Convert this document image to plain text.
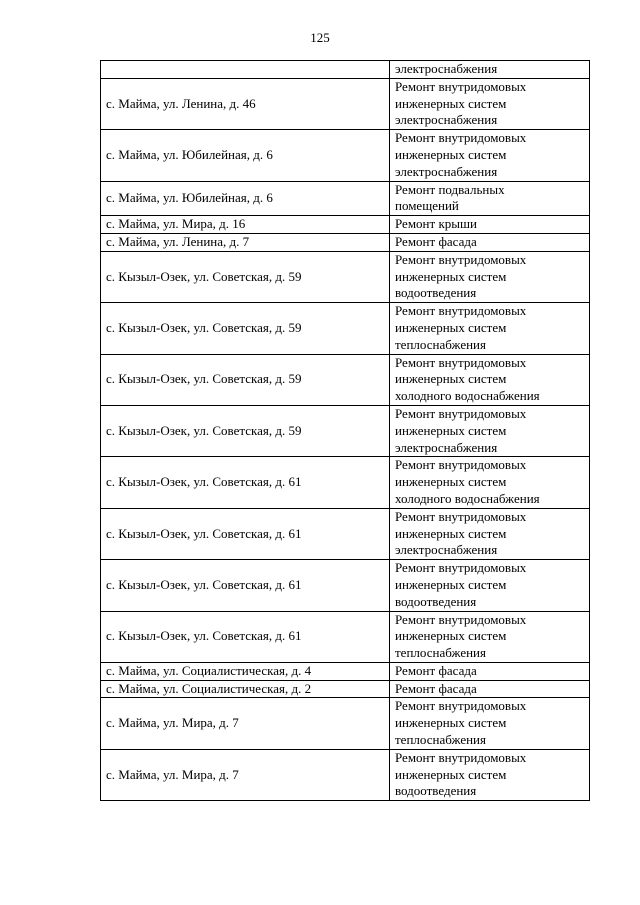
125
	электроснабжения
с. Майма, ул. Ленина, д. 46	Ремонт внутридомовых
инженерных систем
электроснабжения
с. Майма, ул. Юбилейная, д. 6	Ремонт внутридомовых
инженерных систем
электроснабжения
с. Майма, ул. Юбилейная, д. 6	Ремонт подвальных
помещений
с. Майма, ул. Мира, д. 16	Ремонт крыши
с. Майма, ул. Ленина, д. 7	Ремонт фасада
с. Кызыл-Озек, ул. Советская, д. 59	Ремонт внутридомовых
инженерных систем
водоотведения
с. Кызыл-Озек, ул. Советская, д. 59	Ремонт внутридомовых
инженерных систем
теплоснабжения
с. Кызыл-Озек, ул. Советская, д. 59	Ремонт внутридомовых
инженерных систем
холодного водоснабжения
с. Кызыл-Озек, ул. Советская, д. 59	Ремонт внутридомовых
инженерных систем
электроснабжения
с. Кызыл-Озек, ул. Советская, д. 61	Ремонт внутридомовых
инженерных систем
холодного водоснабжения
с. Кызыл-Озек, ул. Советская, д. 61	Ремонт внутридомовых
инженерных систем
электроснабжения
с. Кызыл-Озек, ул. Советская, д. 61	Ремонт внутридомовых
инженерных систем
водоотведения
с. Кызыл-Озек, ул. Советская, д. 61	Ремонт внутридомовых
инженерных систем
теплоснабжения
с. Майма, ул. Социалистическая, д. 4	Ремонт фасада
с. Майма, ул. Социалистическая, д. 2	Ремонт фасада
с. Майма, ул. Мира, д. 7	Ремонт внутридомовых
инженерных систем
теплоснабжения
с. Майма, ул. Мира, д. 7	Ремонт внутридомовых
инженерных систем
водоотведения
